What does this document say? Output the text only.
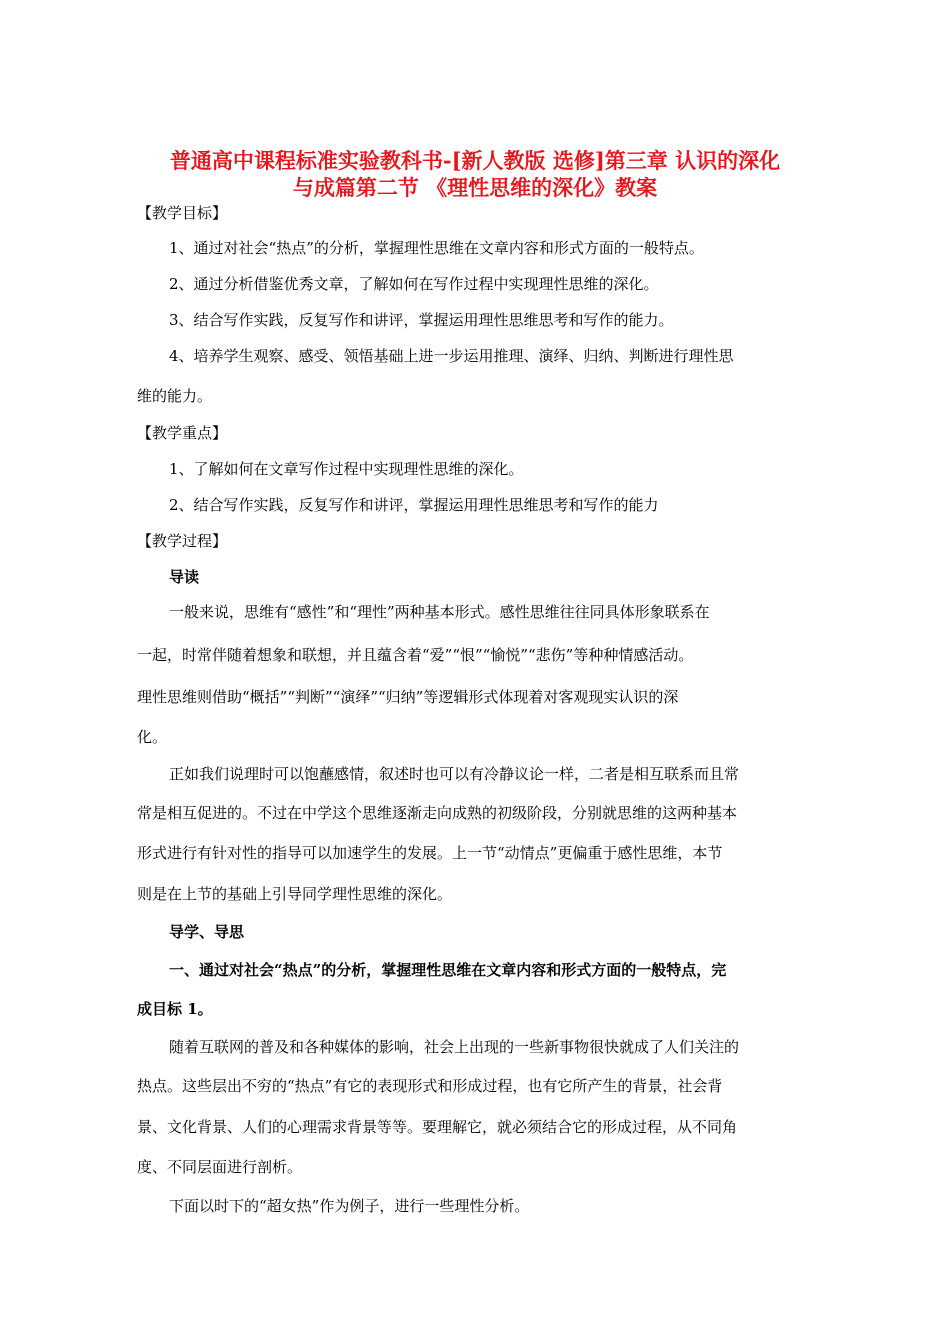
普通高中课程标准实验教科书-[新人教版 选修]第三章 认识的深化
与成篇第二节 《理性思维的深化》教案
【教学目标】
1、通过对社会“热点”的分析，掌握理性思维在文章内容和形式方面的一般特点。
2、通过分析借鉴优秀文章，了解如何在写作过程中实现理性思维的深化。
3、结合写作实践，反复写作和讲评，掌握运用理性思维思考和写作的能力。
4、培养学生观察、感受、领悟基础上进一步运用推理、演绎、归纳、判断进行理性思
维的能力。
【教学重点】
1、了解如何在文章写作过程中实现理性思维的深化。
2、结合写作实践，反复写作和讲评，掌握运用理性思维思考和写作的能力
【教学过程】
导读
一般来说，思维有“感性”和“理性”两种基本形式。感性思维往往同具体形象联系在
一起，时常伴随着想象和联想，并且蕴含着“爱”“恨”“愉悦”“悲伤”等种种情感活动。
理性思维则借助“概括”“判断”“演绎”“归纳”等逻辑形式体现着对客观现实认识的深
化。
正如我们说理时可以饱蘸感情，叙述时也可以有冷静议论一样，二者是相互联系而且常
常是相互促进的。不过在中学这个思维逐渐走向成熟的初级阶段，分别就思维的这两种基本
形式进行有针对性的指导可以加速学生的发展。上一节“动情点”更偏重于感性思维，本节
则是在上节的基础上引导同学理性思维的深化。
导学、导思
一、通过对社会“热点”的分析，掌握理性思维在文章内容和形式方面的一般特点，完
成目标 1。
随着互联网的普及和各种媒体的影响，社会上出现的一些新事物很快就成了人们关注的
热点。这些层出不穷的“热点”有它的表现形式和形成过程，也有它所产生的背景，社会背
景、文化背景、人们的心理需求背景等等。要理解它，就必须结合它的形成过程，从不同角
度、不同层面进行剖析。
下面以时下的“超女热”作为例子，进行一些理性分析。
